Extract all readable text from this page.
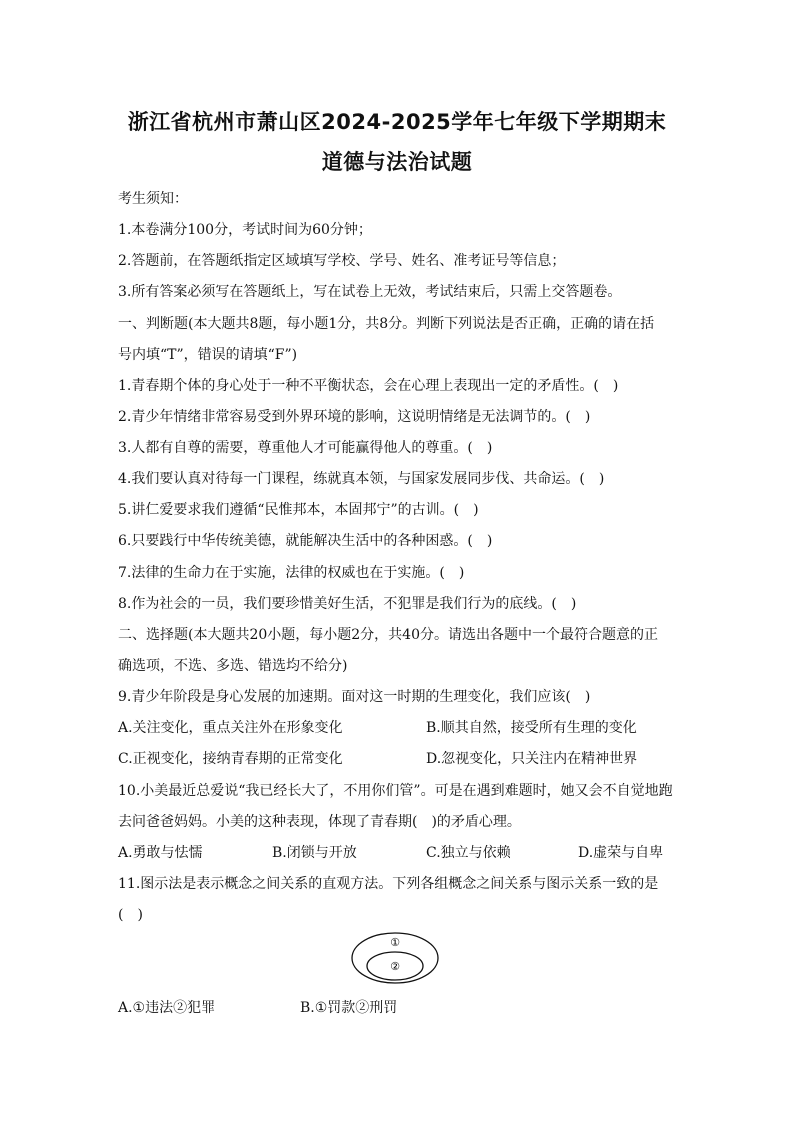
浙江省杭州市萧山区2024-2025学年七年级下学期期末
道德与法治试题
考生须知：
1.本卷满分100分，考试时间为60分钟；
2.答题前，在答题纸指定区域填写学校、学号、姓名、准考证号等信息；
3.所有答案必须写在答题纸上，写在试卷上无效，考试结束后，只需上交答题卷。
一、判断题(本大题共8题，每小题1分，共8分。判断下列说法是否正确，正确的请在括
号内填“T”，错误的请填“F”)
1.青春期个体的身心处于一种不平衡状态，会在心理上表现出一定的矛盾性。(　)
2.青少年情绪非常容易受到外界环境的影响，这说明情绪是无法调节的。(　)
3.人都有自尊的需要，尊重他人才可能赢得他人的尊重。(　)
4.我们要认真对待每一门课程，练就真本领，与国家发展同步伐、共命运。(　)
5.讲仁爱要求我们遵循“民惟邦本，本固邦宁”的古训。(　)
6.只要践行中华传统美德，就能解决生活中的各种困惑。(　)
7.法律的生命力在于实施，法律的权威也在于实施。(　)
8.作为社会的一员，我们要珍惜美好生活，不犯罪是我们行为的底线。(　)
二、选择题(本大题共20小题，每小题2分，共40分。请选出各题中一个最符合题意的正
确选项，不选、多选、错选均不给分)
9.青少年阶段是身心发展的加速期。面对这一时期的生理变化，我们应该(　)
A.关注变化，重点关注外在形象变化	B.顺其自然，接受所有生理的变化
C.正视变化，接纳青春期的正常变化	D.忽视变化，只关注内在精神世界
10.小美最近总爱说“我已经长大了，不用你们管”。可是在遇到难题时，她又会不自觉地跑
去问爸爸妈妈。小美的这种表现，体现了青春期(　)的矛盾心理。
A.勇敢与怯懦	B.闭锁与开放	C.独立与依赖	D.虚荣与自卑
11.图示法是表示概念之间关系的直观方法。下列各组概念之间关系与图示关系一致的是
(　)
①
②
A.①违法②犯罪	B.①罚款②刑罚
